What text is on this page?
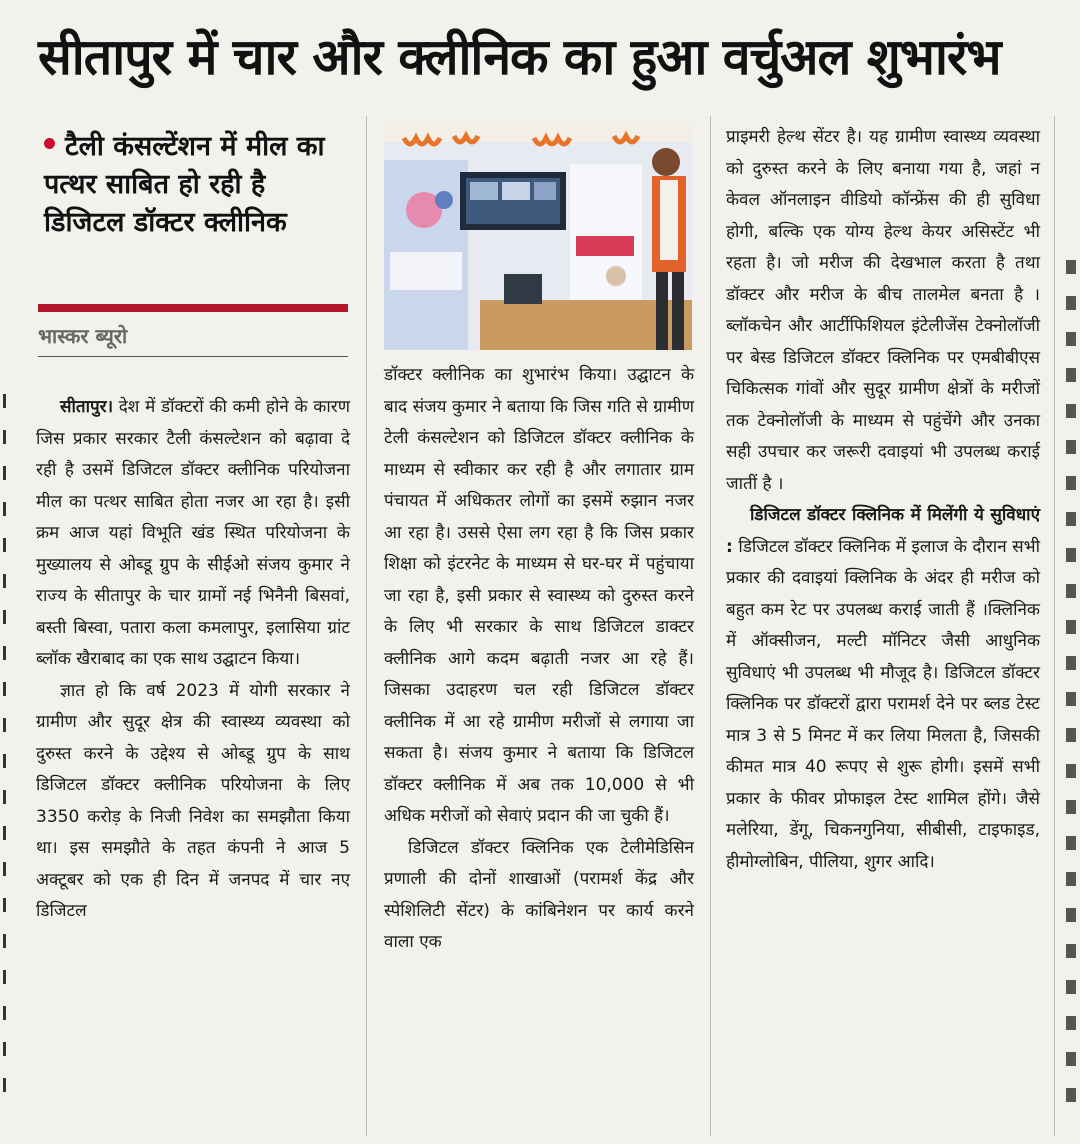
सीतापुर में चार और क्लीनिक का हुआ वर्चुअल शुभारंभ
टैली कंसल्टेंशन में मील का पत्थर साबित हो रही है डिजिटल डॉक्टर क्लीनिक
भास्कर ब्यूरो

सीतापुर। देश में डॉक्टरों की कमी होने के कारण जिस प्रकार सरकार टैली कंसल्टेशन को बढ़ावा दे रही है उसमें डिजिटल डॉक्टर क्लीनिक परियोजना मील का पत्थर साबित होता नजर आ रहा है। इसी क्रम आज यहां विभूति खंड स्थित परियोजना के मुख्यालय से ओब्डू ग्रुप के सीईओ संजय कुमार ने राज्य के सीतापुर के चार ग्रामों नई भिनैनी बिसवां, बस्ती बिस्वा, पतारा कला कमलापुर, इलासिया ग्रांट ब्लॉक खैराबाद का एक साथ उद्घाटन किया।

ज्ञात हो कि वर्ष 2023 में योगी सरकार ने ग्रामीण और सुदूर क्षेत्र की स्वास्थ्य व्यवस्था को दुरुस्त करने के उद्देश्य से ओब्डू ग्रुप के साथ डिजिटल डॉक्टर क्लीनिक परियोजना के लिए 3350 करोड़ के निजी निवेश का समझौता किया था। इस समझौते के तहत कंपनी ने आज 5 अक्टूबर को एक ही दिन में जनपद में चार नए डिजिटल

डॉक्टर क्लीनिक का शुभारंभ किया। उद्घाटन के बाद संजय कुमार ने बताया कि जिस गति से ग्रामीण टेली कंसल्टेशन को डिजिटल डॉक्टर क्लीनिक के माध्यम से स्वीकार कर रही है और लगातार ग्राम पंचायत में अधिकतर लोगों का इसमें रुझान नजर आ रहा है। उससे ऐसा लग रहा है कि जिस प्रकार शिक्षा को इंटरनेट के माध्यम से घर-घर में पहुंचाया जा रहा है, इसी प्रकार से स्वास्थ्य को दुरुस्त करने के लिए भी सरकार के साथ डिजिटल डाक्टर क्लीनिक आगे कदम बढ़ाती नजर आ रहे हैं। जिसका उदाहरण चल रही डिजिटल डॉक्टर क्लीनिक में आ रहे ग्रामीण मरीजों से लगाया जा सकता है। संजय कुमार ने बताया कि डिजिटल डॉक्टर क्लीनिक में अब तक 10,000 से भी अधिक मरीजों को सेवाएं प्रदान की जा चुकी हैं।

डिजिटल डॉक्टर क्लिनिक एक टेलीमेडिसिन प्रणाली की दोनों शाखाओं (परामर्श केंद्र और स्पेशिलिटी सेंटर) के कांबिनेशन पर कार्य करने वाला एक

प्राइमरी हेल्थ सेंटर है। यह ग्रामीण स्वास्थ्य व्यवस्था को दुरुस्त करने के लिए बनाया गया है, जहां न केवल ऑनलाइन वीडियो कॉन्फ्रेंस की ही सुविधा होगी, बल्कि एक योग्य हेल्थ केयर असिस्टेंट भी रहता है। जो मरीज की देखभाल करता है तथा डॉक्टर और मरीज के बीच तालमेल बनता है । ब्लॉकचेन और आर्टीफिशियल इंटेलीजेंस टेक्नोलॉजी पर बेस्ड डिजिटल डॉक्टर क्लिनिक पर एमबीबीएस चिकित्सक गांवों और सुदूर ग्रामीण क्षेत्रों के मरीजों तक टेक्नोलॉजी के माध्यम से पहुंचेंगे और उनका सही उपचार कर जरूरी दवाइयां भी उपलब्ध कराई जातीं है ।

डिजिटल डॉक्टर क्लिनिक में मिलेंगी ये सुविधाएं : डिजिटल डॉक्टर क्लिनिक में इलाज के दौरान सभी प्रकार की दवाइयां क्लिनिक के अंदर ही मरीज को बहुत कम रेट पर उपलब्ध कराई जाती हैं ।क्लिनिक में ऑक्सीजन, मल्टी मॉनिटर जैसी आधुनिक सुविधाएं भी उपलब्ध भी मौजूद है। डिजिटल डॉक्टर क्लिनिक पर डॉक्टरों द्वारा परामर्श देने पर ब्लड टेस्ट मात्र 3 से 5 मिनट में कर लिया मिलता है, जिसकी कीमत मात्र 40 रूपए से शुरू होगी। इसमें सभी प्रकार के फीवर प्रोफाइल टेस्ट शामिल होंगे। जैसे मलेरिया, डेंगू, चिकनगुनिया, सीबीसी, टाइफाइड, हीमोग्लोबिन, पीलिया, शुगर आदि।
